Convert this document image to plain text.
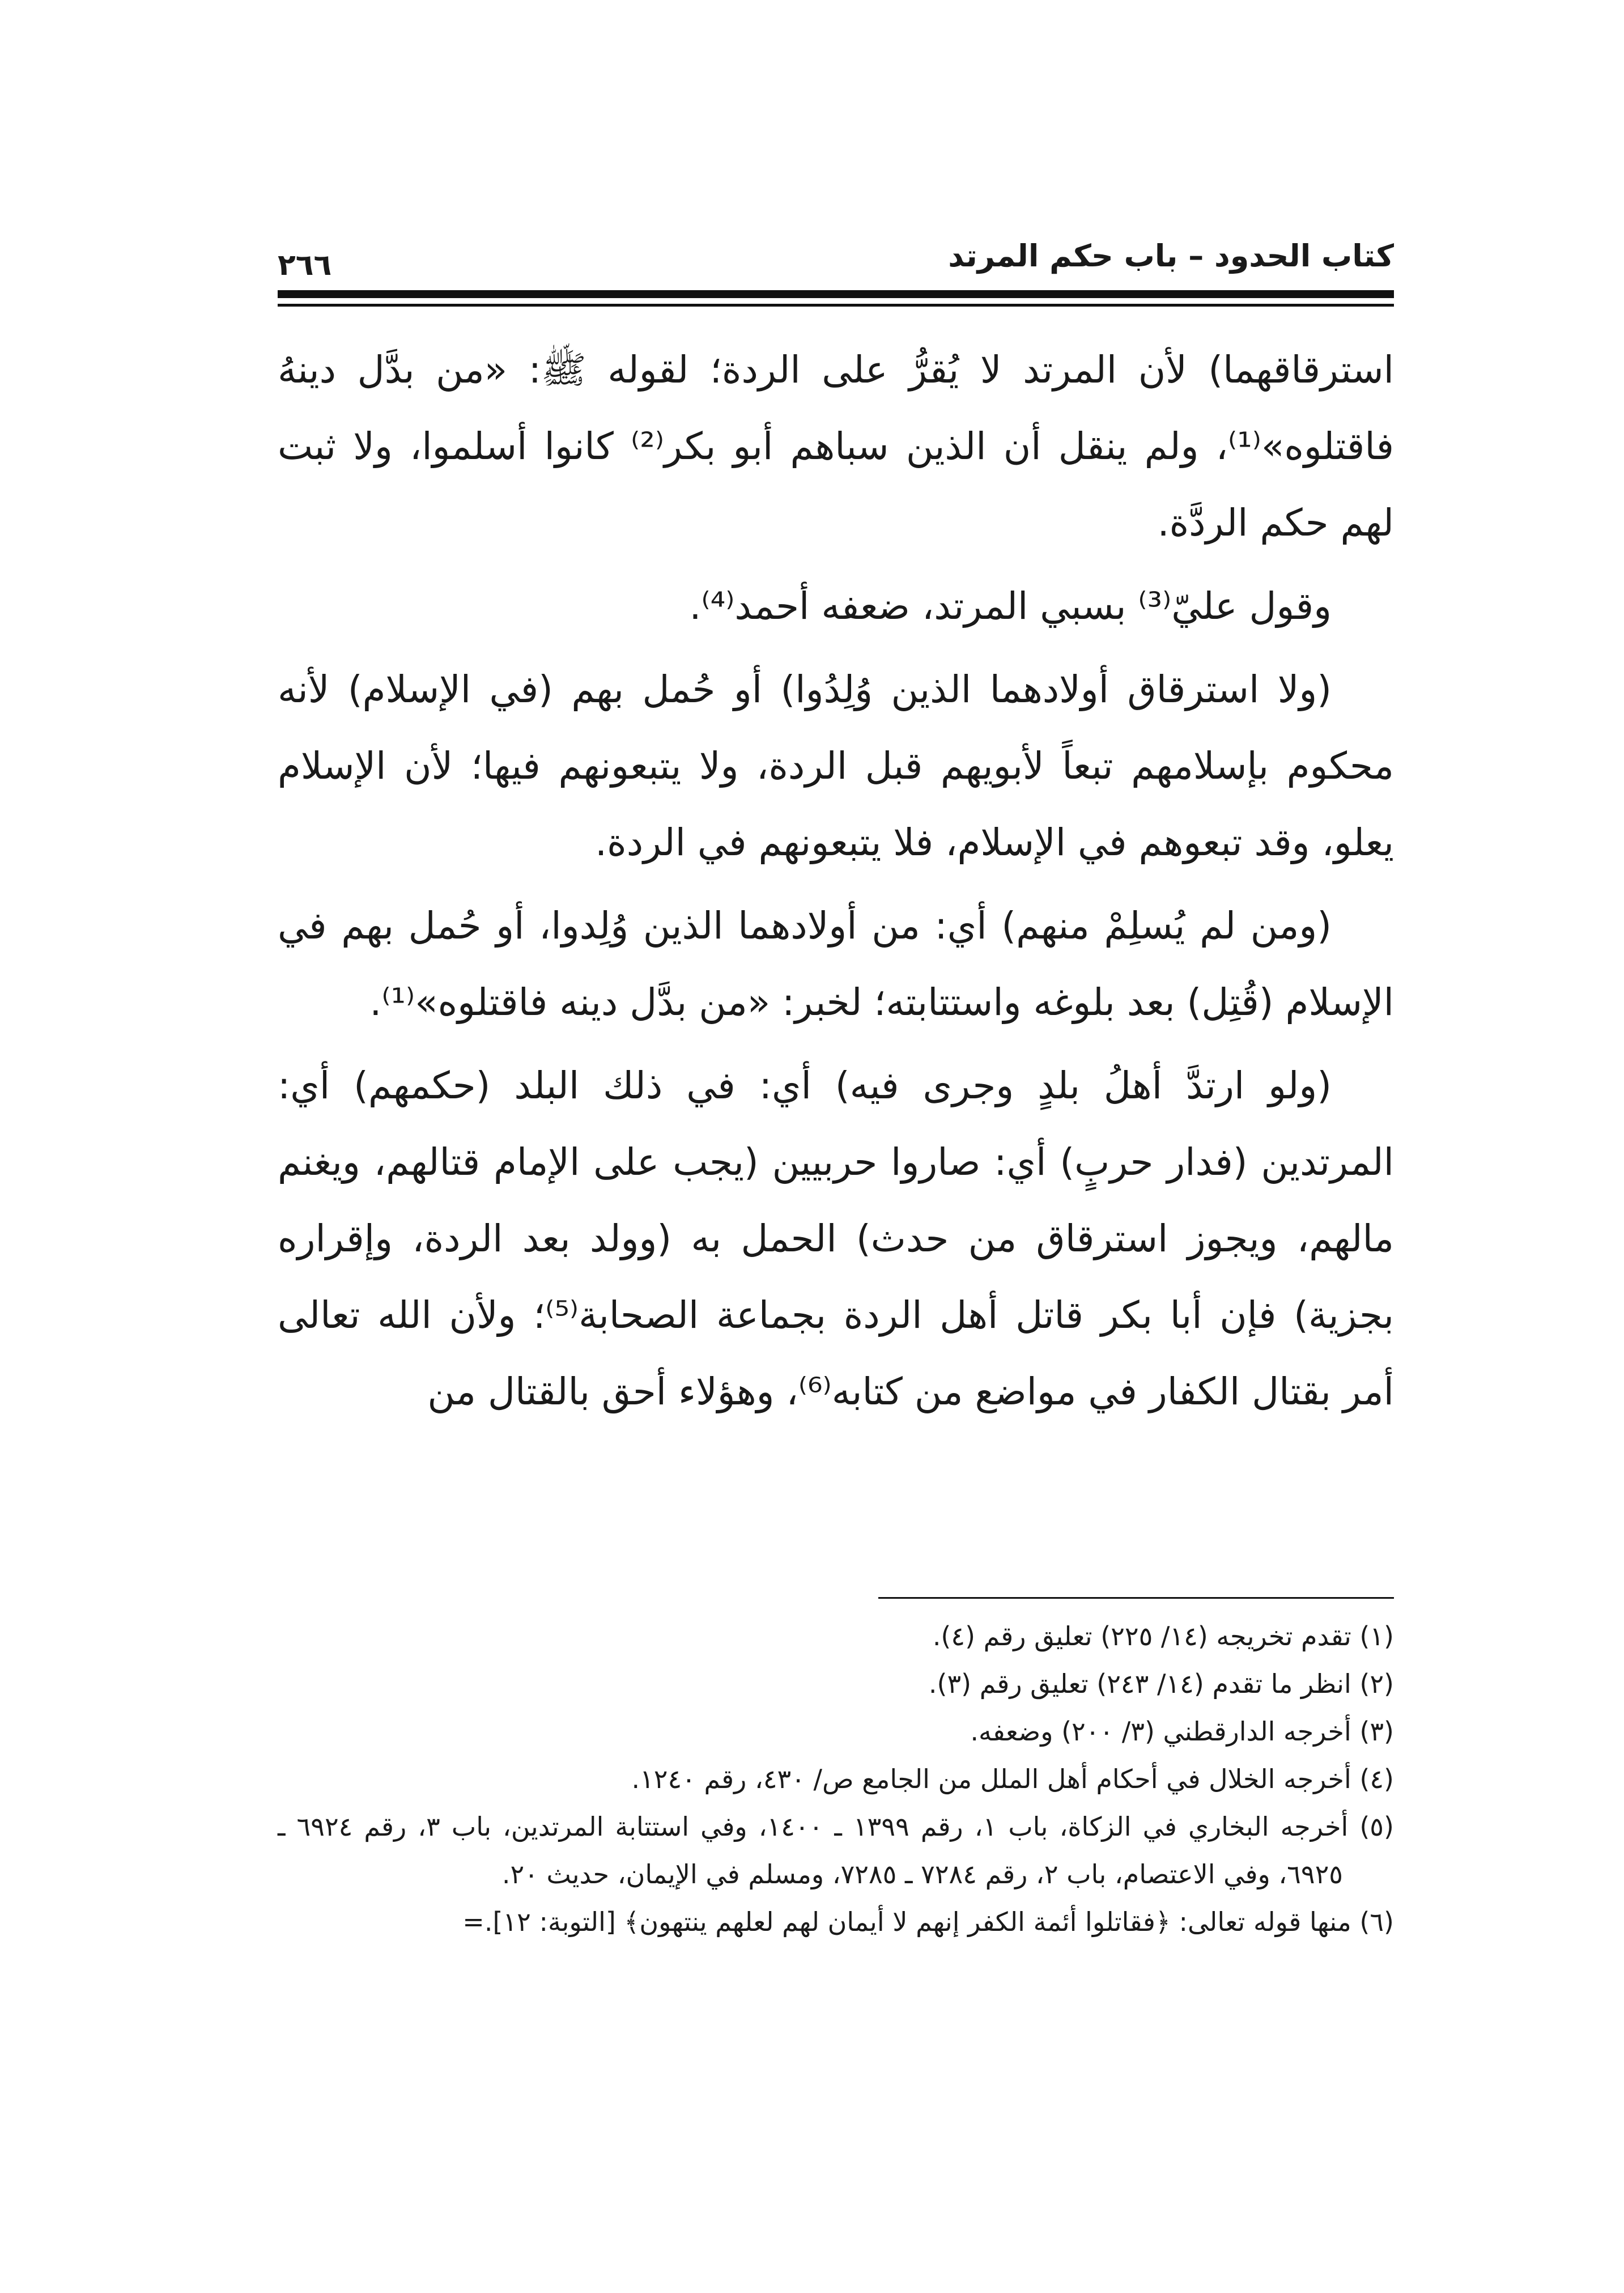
كتاب الحدود – باب حكم المرتد
٢٦٦

استرقاقهما) لأن المرتد لا يُقرُّ على الردة؛ لقوله ﷺ: «من بدَّل دينهُ فاقتلوه»⁽¹⁾، ولم ينقل أن الذين سباهم أبو بكر⁽²⁾ كانوا أسلموا، ولا ثبت لهم حكم الردَّة.

وقول عليّ⁽³⁾ بسبي المرتد، ضعفه أحمد⁽⁴⁾.

(ولا استرقاق أولادهما الذين وُلِدُوا) أو حُمل بهم (في الإسلام) لأنه محكوم بإسلامهم تبعاً لأبويهم قبل الردة، ولا يتبعونهم فيها؛ لأن الإسلام يعلو، وقد تبعوهم في الإسلام، فلا يتبعونهم في الردة.

(ومن لم يُسلِمْ منهم) أي: من أولادهما الذين وُلِدوا، أو حُمل بهم في الإسلام (قُتِل) بعد بلوغه واستتابته؛ لخبر: «من بدَّل دينه فاقتلوه»⁽¹⁾.

(ولو ارتدَّ أهلُ بلدٍ وجرى فيه) أي: في ذلك البلد (حكمهم) أي: المرتدين (فدار حربٍ) أي: صاروا حربيين (يجب على الإمام قتالهم، ويغنم مالهم، ويجوز استرقاق من حدث) الحمل به (وولد بعد الردة، وإقراره بجزية) فإن أبا بكر قاتل أهل الردة بجماعة الصحابة⁽⁵⁾؛ ولأن الله تعالى أمر بقتال الكفار في مواضع من كتابه⁽⁶⁾، وهؤلاء أحق بالقتال من

(١) تقدم تخريجه (١٤/ ٢٢٥) تعليق رقم (٤).
(٢) انظر ما تقدم (١٤/ ٢٤٣) تعليق رقم (٣).
(٣) أخرجه الدارقطني (٣/ ٢٠٠) وضعفه.
(٤) أخرجه الخلال في أحكام أهل الملل من الجامع ص/ ٤٣٠، رقم ١٢٤٠.
(٥) أخرجه البخاري في الزكاة، باب ١، رقم ١٣٩٩ ـ ١٤٠٠، وفي استتابة المرتدين، باب ٣، رقم ٦٩٢٤ ـ ٦٩٢٥، وفي الاعتصام، باب ٢، رقم ٧٢٨٤ ـ ٧٢٨٥، ومسلم في الإيمان، حديث ٢٠.
(٦) منها قوله تعالى: ﴿فقاتلوا أئمة الكفر إنهم لا أيمان لهم لعلهم ينتهون﴾ [التوبة: ١٢].=
